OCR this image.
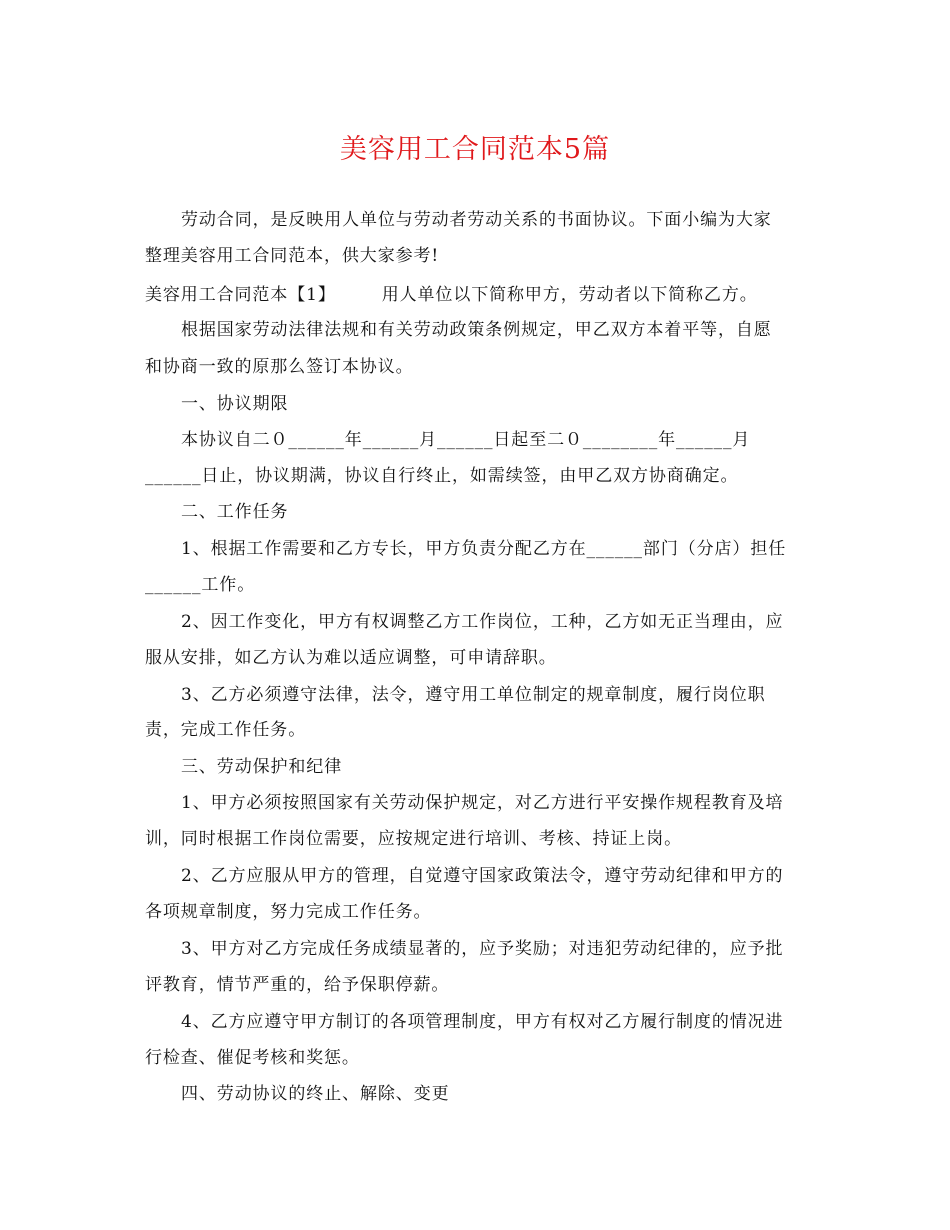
美容用工合同范本5篇
劳动合同，是反映用人单位与劳动者劳动关系的书面协议。下面小编为大家
整理美容用工合同范本，供大家参考!
美容用工合同范本【1】	用人单位以下简称甲方，劳动者以下简称乙方。
根据国家劳动法律法规和有关劳动政策条例规定，甲乙双方本着平等，自愿
和协商一致的原那么签订本协议。
一、协议期限
本协议自二０______年______月______日起至二０________年______月
______日止，协议期满，协议自行终止，如需续签，由甲乙双方协商确定。
二、工作任务
1、根据工作需要和乙方专长，甲方负责分配乙方在______部门（分店）担任
______工作。
2、因工作变化，甲方有权调整乙方工作岗位，工种，乙方如无正当理由，应
服从安排，如乙方认为难以适应调整，可申请辞职。
3、乙方必须遵守法律，法令，遵守用工单位制定的规章制度，履行岗位职
责，完成工作任务。
三、劳动保护和纪律
1、甲方必须按照国家有关劳动保护规定，对乙方进行平安操作规程教育及培
训，同时根据工作岗位需要，应按规定进行培训、考核、持证上岗。
2、乙方应服从甲方的管理，自觉遵守国家政策法令，遵守劳动纪律和甲方的
各项规章制度，努力完成工作任务。
3、甲方对乙方完成任务成绩显著的，应予奖励；对违犯劳动纪律的，应予批
评教育，情节严重的，给予保职停薪。
4、乙方应遵守甲方制订的各项管理制度，甲方有权对乙方履行制度的情况进
行检查、催促考核和奖惩。
四、劳动协议的终止、解除、变更
